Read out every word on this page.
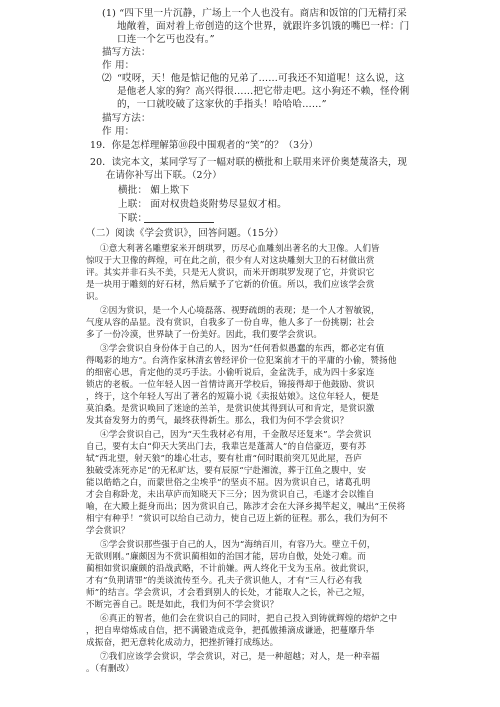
(1) “四下里一片沉静，广场上一个人也没有。商店和饭馆的门无精打采
地敞着，面对着上帝创造的这个世界，就跟许多饥饿的嘴巴一样：门
口连一个乞丐也没有。”
描写方法：
作 用：
⑵ “哎呀，天！他是惦记他的兄弟了……可我还不知道呢！这么说，这
是他老人家的狗？高兴得很……把它带走吧。这小狗还不赖，怪伶俐
的，一口就咬破了这家伙的手指头！哈哈哈……”
描写方法：
作 用：
19．你是怎样理解第⑩段中围观者的“笑”的？（3分）
20．读完本文，某同学写了一幅对联的横批和上联用来评价奥楚蔑洛夫，现
在请你补写出下联。（2分）
横批： 媚上欺下
上联： 面对权贵趋炎附势尽显奴才相。
下联：
（二）阅读《学会赏识》，回答问题。（15分）
①意大利著名雕塑家米开朗琪罗，历尽心血雕刻出著名的大卫像。人们皆
惊叹于大卫像的辉煌，可在此之前，很少有人对这块雕刻大卫的石材做出赏
评。其实并非石头不美，只是无人赏识，而米开朗琪罗发现了它，并赏识它
是一块用于雕刻的好石材，然后赋予了它新的价值。所以，我们应该学会赏
识。
②因为赏识，是一个人心境磊落、视野疏朗的表现；是一个人才智敏锐，
气度从容的品显。没有赏识，自我多了一份自卑，他人多了一份挑剔；社会
多了一份冷漠，世界缺了一份美好。因此，我们要学会赏识。
③学会赏识自身份体于自己的人，因为“任何看似愚蠢的东西，都必定有值
得喝彩的地方”。台湾作家林清玄曾经评价一位犯案前才干的平庸的小偷，赞扬他
的细密心思，肯定他的灵巧手法。小偷听说后，金盆洗手，成为四十多家连
锁店的老板。一位年轻人因一首情诗离开学校后，锦接得却于他鼓励、赏识
，终于，这个年轻人写出了著名的短篇小说《卖报姑娘》。这位年轻人，便是
莫泊桑。是赏识唤回了迷途的羔羊，是赏识使其得到认可和肯定，是赏识激
发其奋发努力的勇气，最终获得新生。那么，我们为何不学会赏识？
④学会赏识自己，因为“天生我材必有用，千金散尽还复来”。学会赏识
自己，要有太白“仰天大笑出门去，我辈岂是蓬蒿人”的自信豪迈，要有苏
轼“西北望，射天狼”的雄心壮志，要有杜甫“何时眼前突兀见此屋，吾庐
独破受冻死亦足”的无私旷达，要有辰原“宁赴湘流，葬于江鱼之腹中，安
能以皓皓之白，而蒙世俗之尘埃乎”的坚贞不屈。因为赏识自己，诸葛孔明
才会自称卧龙，未出草庐而知晓天下三分；因为赏识自己，毛遂才会以锥自
喻，在大殿上挺身而出；因为赏识自己，陈涉才会在大泽乡揭竿起义，喊出“王侯将
相宁有种乎！”赏识可以给自己动力，使自己迈上新的征程。那么，我们为何不
学会赏识？
⑤学会赏识那些强于自己的人，因为“海纳百川，有容乃大。壁立千仞，
无欲则刚。”廉颇因为不赏识蔺相如的治国才能，居功自傲，处处刁难。而
蔺相如赏识廉颇的沿战武略，不计前嫌。两人终化干戈为玉帛。彼此赏识，
才有“负荆请罪”的美谈流传至今。孔夫子赏识他人，才有“三人行必有我
师”的结言。学会赏识，才会看到别人的长处，才能取人之长，补己之短，
不断完善自己。既是如此，我们为何不学会赏识？
⑥真正的智者，他们会在赏识自己的同时，把自己投入到铸就辉煌的熔炉之中
，把自卑熔炼成自信，把不满锻造成竞争，把孤傲捶滴成谦逊，把蔓靡升华
成振奋，把无意转化成动力，把挫折锤打成练达。
⑦我们应该学会赏识，学会赏识，对己，是一种超越；对人，是一种幸福
。（有删改）
